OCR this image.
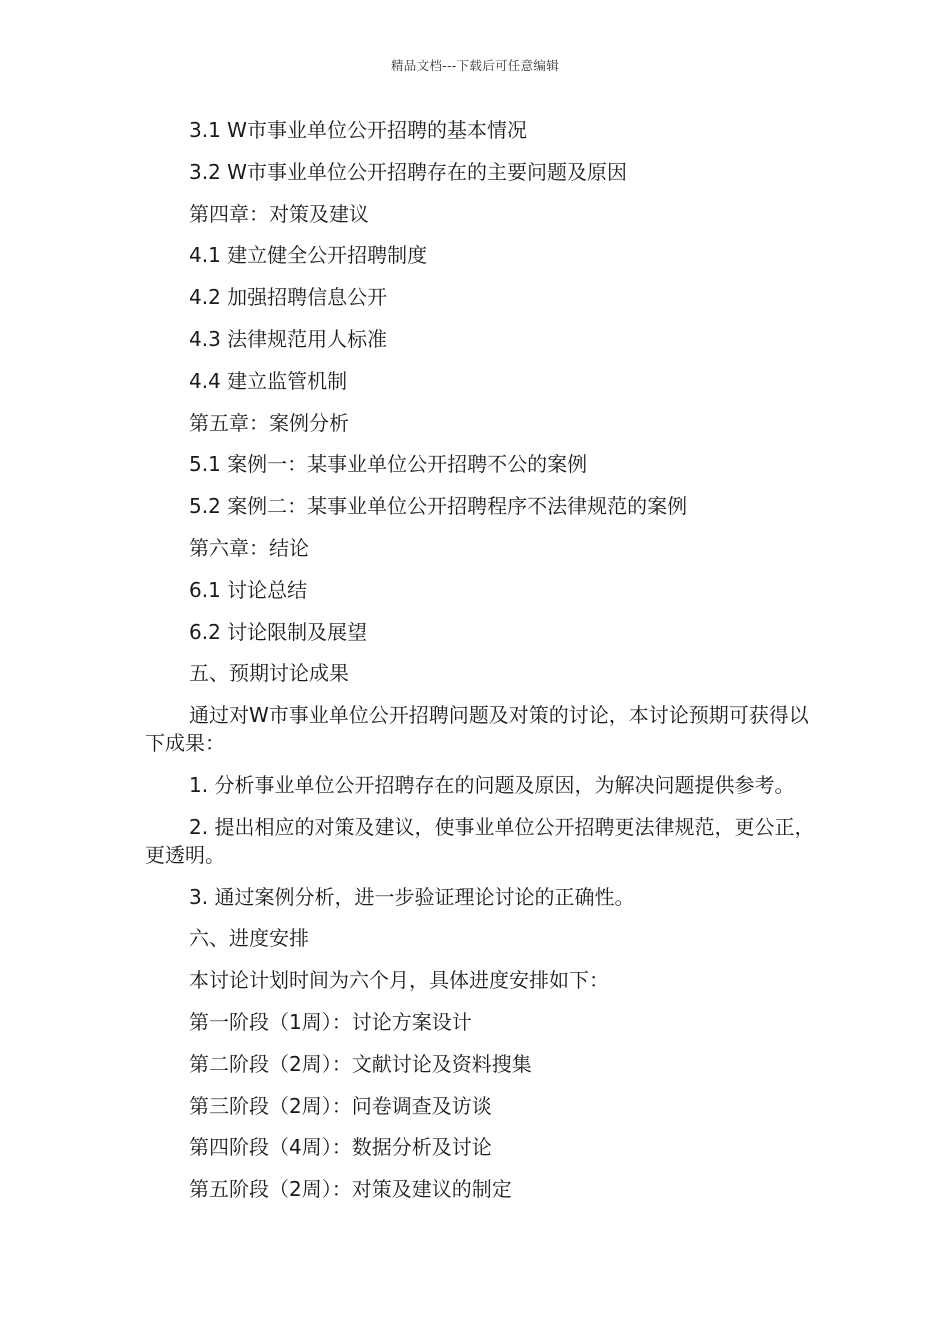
精品文档---下载后可任意编辑

3.1 W市事业单位公开招聘的基本情况

3.2 W市事业单位公开招聘存在的主要问题及原因

第四章：对策及建议

4.1 建立健全公开招聘制度

4.2 加强招聘信息公开

4.3 法律规范用人标准

4.4 建立监管机制

第五章：案例分析

5.1 案例一：某事业单位公开招聘不公的案例

5.2 案例二：某事业单位公开招聘程序不法律规范的案例

第六章：结论

6.1 讨论总结

6.2 讨论限制及展望

五、预期讨论成果

通过对W市事业单位公开招聘问题及对策的讨论，本讨论预期可获得以下成果：

1. 分析事业单位公开招聘存在的问题及原因，为解决问题提供参考。

2. 提出相应的对策及建议，使事业单位公开招聘更法律规范，更公正，更透明。

3. 通过案例分析，进一步验证理论讨论的正确性。

六、进度安排

本讨论计划时间为六个月，具体进度安排如下：

第一阶段（1周）：讨论方案设计

第二阶段（2周）：文献讨论及资料搜集

第三阶段（2周）：问卷调查及访谈

第四阶段（4周）：数据分析及讨论

第五阶段（2周）：对策及建议的制定
